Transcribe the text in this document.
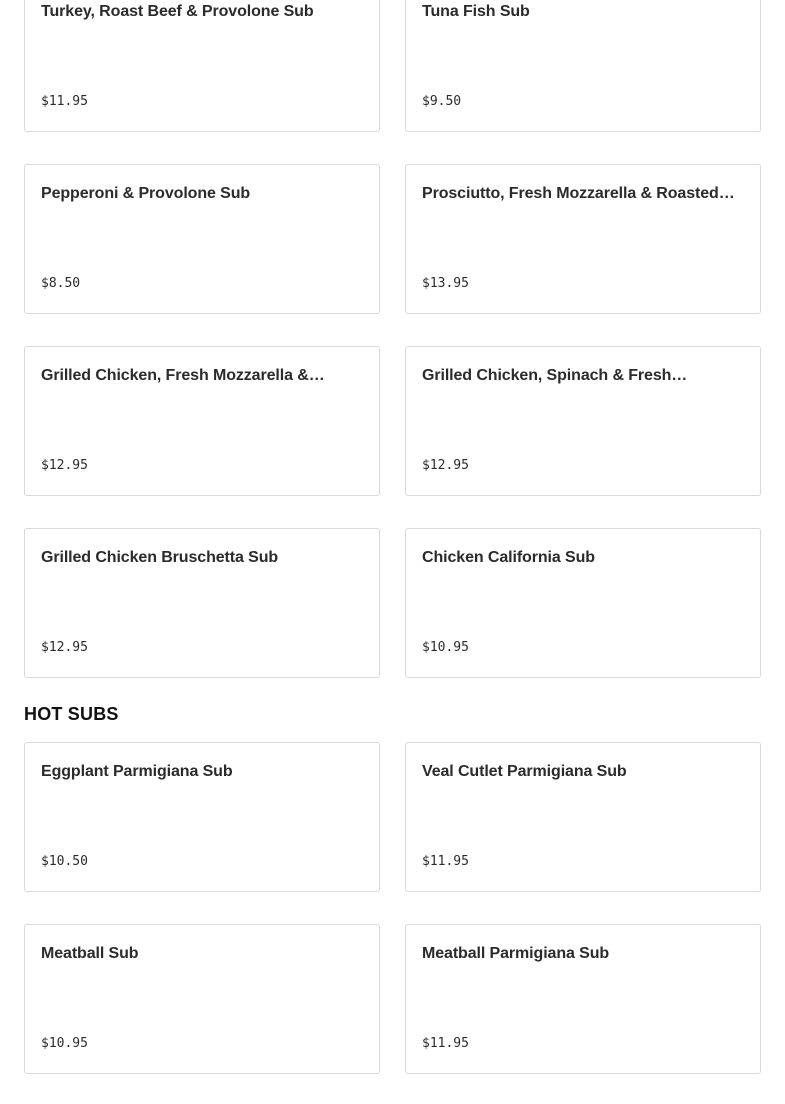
Turkey, Roast Beef & Provolone Sub
$11.95
Tuna Fish Sub
$9.50
Pepperoni & Provolone Sub
$8.50
Prosciutto, Fresh Mozzarella & Roasted…
$13.95
Grilled Chicken, Fresh Mozzarella &…
$12.95
Grilled Chicken, Spinach & Fresh…
$12.95
Grilled Chicken Bruschetta Sub
$12.95
Chicken California Sub
$10.95
HOT SUBS
Eggplant Parmigiana Sub
$10.50
Veal Cutlet Parmigiana Sub
$11.95
Meatball Sub
$10.95
Meatball Parmigiana Sub
$11.95
